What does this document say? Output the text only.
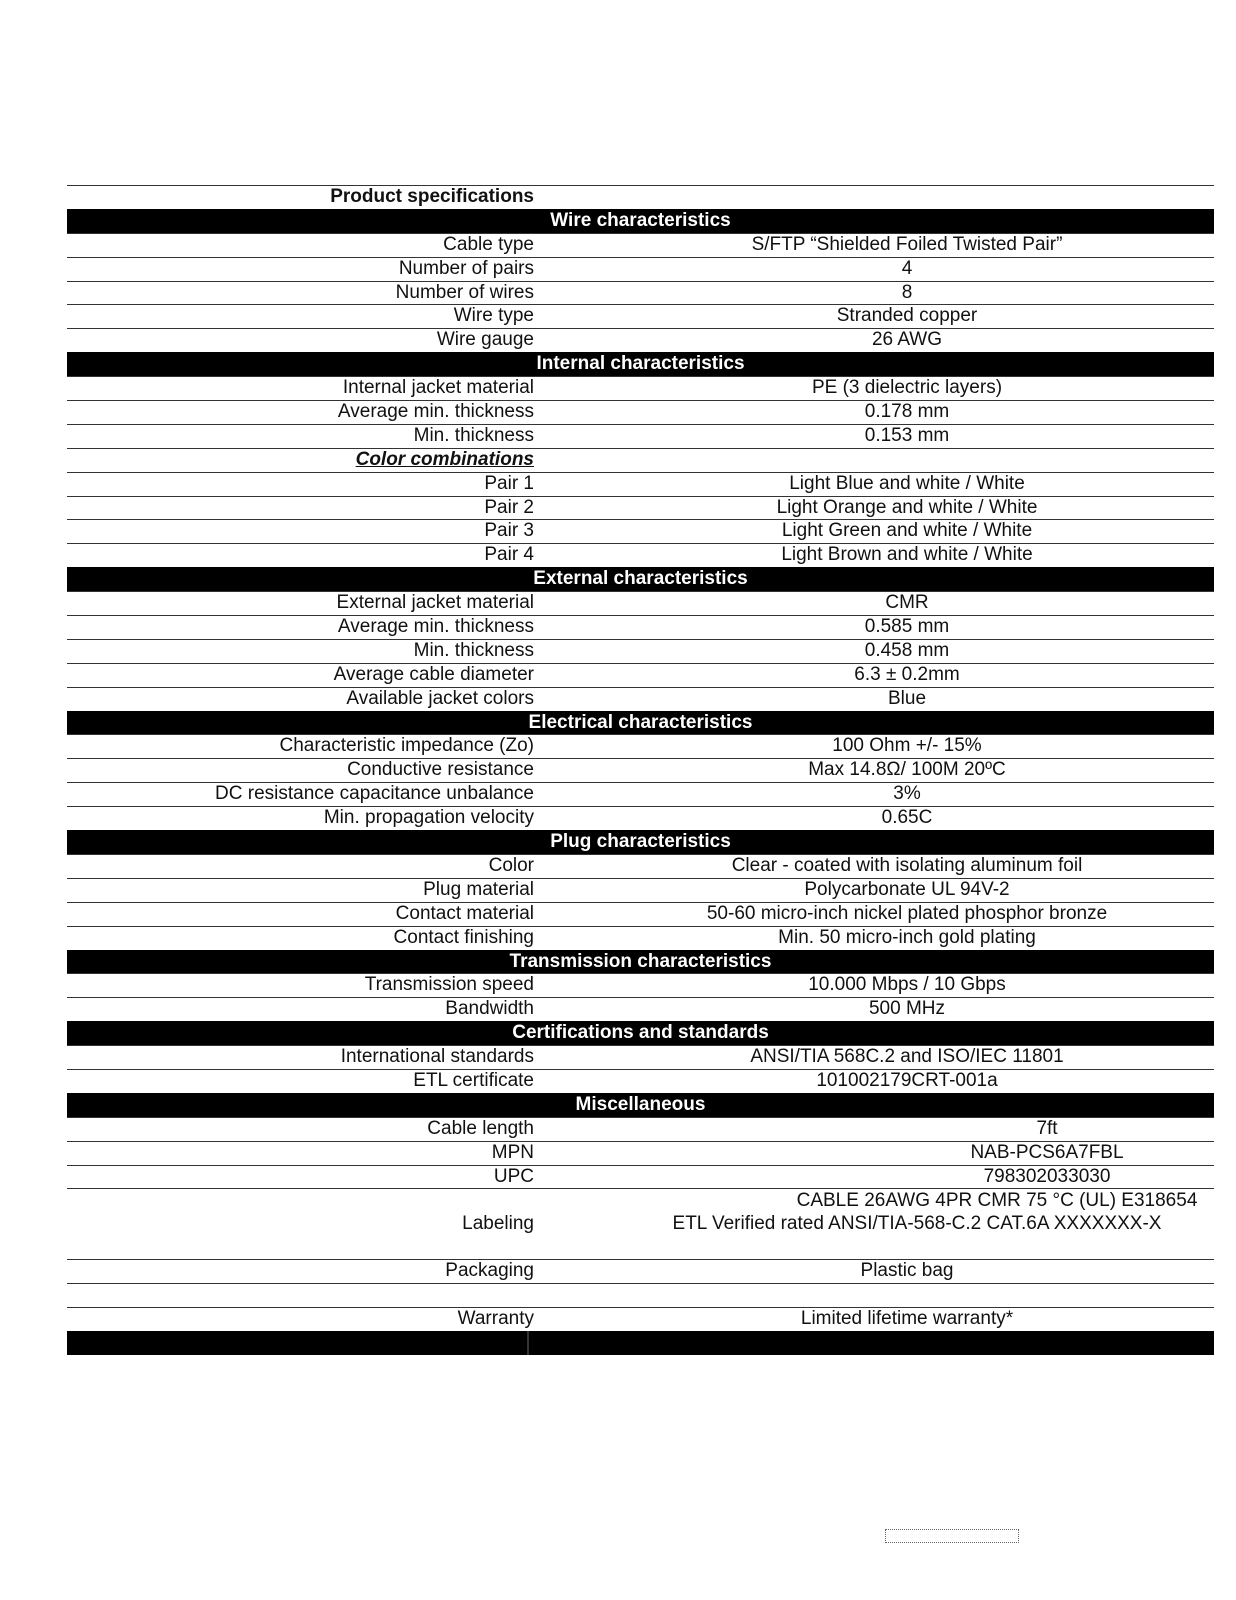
Product specifications
Wire characteristics
Cable type	S/FTP “Shielded Foiled Twisted Pair”
Number of pairs	4
Number of wires	8
Wire type	Stranded copper
Wire gauge	26 AWG
Internal characteristics
Internal jacket material	PE (3 dielectric layers)
Average min. thickness	0.178 mm
Min. thickness	0.153 mm
Color combinations
Pair 1	Light Blue and white / White
Pair 2	Light Orange and white / White
Pair 3	Light Green and white / White
Pair 4	Light Brown and white / White
External characteristics
External jacket material	CMR
Average min. thickness	0.585 mm
Min. thickness	0.458 mm
Average cable diameter	6.3 ± 0.2mm
Available jacket colors	Blue
Electrical characteristics
Characteristic impedance (Zo)	100 Ohm +/- 15%
Conductive resistance	Max 14.8Ω/ 100M 20ºC
DC resistance capacitance unbalance	3%
Min. propagation velocity	0.65C
Plug characteristics
Color	Clear - coated with isolating aluminum foil
Plug material	Polycarbonate UL 94V-2
Contact material	50-60 micro-inch nickel plated phosphor bronze
Contact finishing	Min. 50 micro-inch gold plating
Transmission characteristics
Transmission speed	10.000 Mbps / 10 Gbps
Bandwidth	500 MHz
Certifications and standards
International standards	ANSI/TIA 568C.2 and ISO/IEC 11801
ETL certificate	101002179CRT-001a
Miscellaneous
Cable length	7ft
MPN	NAB-PCS6A7FBL
UPC	798302033030
Labeling
CABLE 26AWG 4PR CMR 75 °C (UL) E318654
ETL Verified rated ANSI/TIA-568-C.2 CAT.6A XXXXXXX-X
Packaging	Plastic bag
Warranty	Limited lifetime warranty*
